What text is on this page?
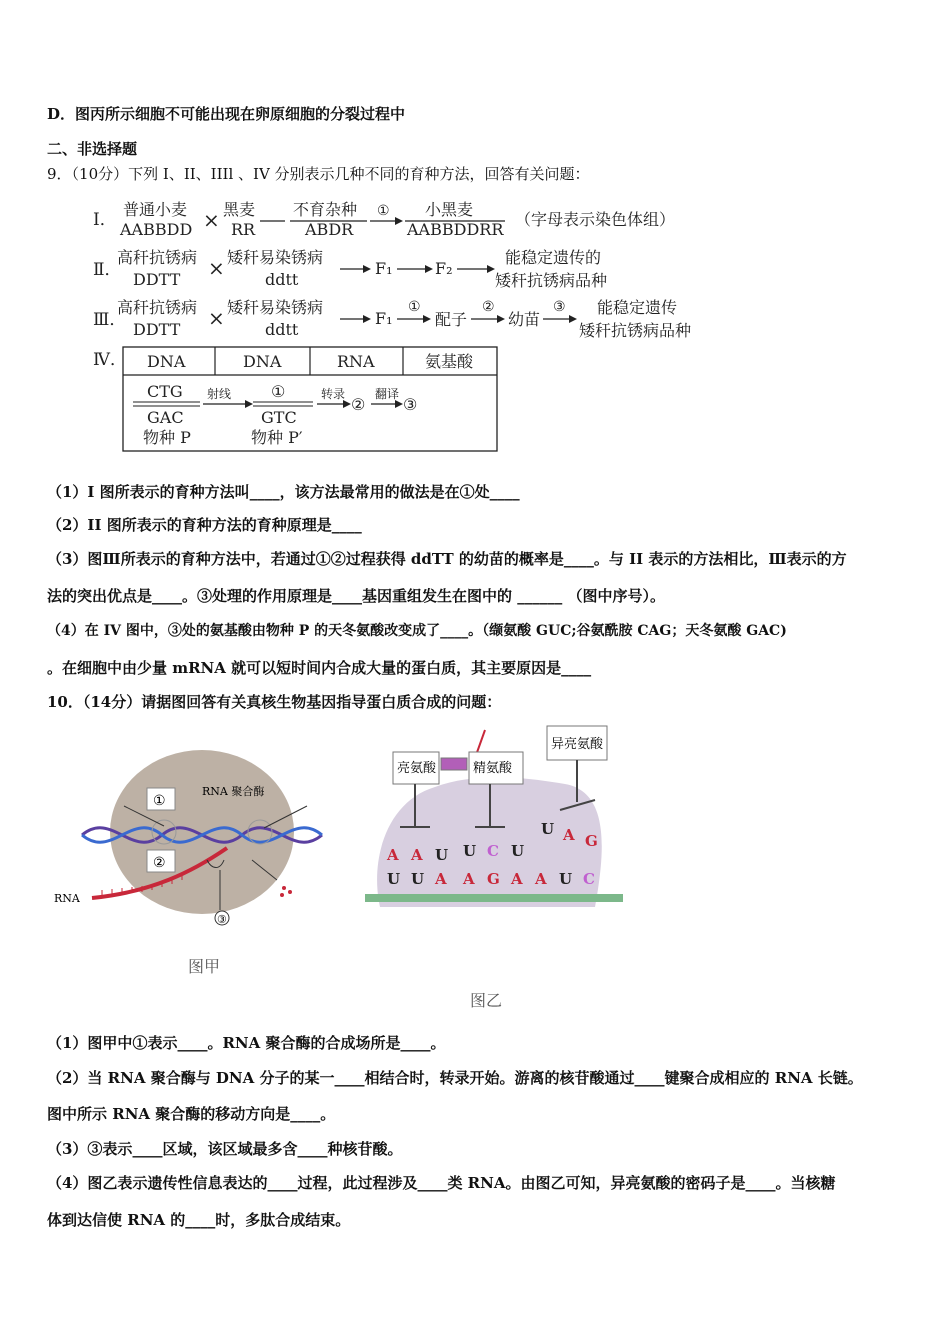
D．图丙所示细胞不可能出现在卵原细胞的分裂过程中
二、非选择题
9．（10分）下列 I、II、IIIl 、IV 分别表示几种不同的育种方法，回答有关问题：
I．
普通小麦
AABBDD × 黑麦
RR
不育杂种
ABDR
① 小黑麦
AABBDDRR
（字母表示染色体组）
Ⅱ．
高秆抗锈病
DDTT × 矮秆易染锈病
ddtt
F₁	F₂
能稳定遗传的
矮秆抗锈病品种
Ⅲ．
高秆抗锈病
DDTT × 矮秆易染锈病
ddtt
F₁
①
配子
②
幼苗
③ 能稳定遗传
矮秆抗锈病品种
Ⅳ． DNA	DNA	RNA	氨基酸
CTG
GAC
物种 P
射线 ①
GTC
物种 P′
转录
②
翻译
③
（1）I 图所表示的育种方法叫____，该方法最常用的做法是在①处____
（2）II 图所表示的育种方法的育种原理是____
（3）图Ⅲ所表示的育种方法中，若通过①②过程获得 ddTT 的幼苗的概率是____。与 II 表示的方法相比，Ⅲ表示的方
法的突出优点是____。③处理的作用原理是____基因重组发生在图中的 ______ （图中序号）。
（4）在 IV 图中，③处的氨基酸由物种 P 的天冬氨酸改变成了____。（缬氨酸 GUC;谷氨酰胺 CAG；天冬氨酸 GAC)
。在细胞中由少量 mRNA 就可以短时间内合成大量的蛋白质，其主要原因是____
10．（14分）请据图回答有关真核生物基因指导蛋白质合成的问题：
①
②
RNA 聚合酶
③
RNA
图甲
亮氨酸	精氨酸
异亮氨酸
A A U U C U
U A G
U U A A G A A U C
图乙
（1）图甲中①表示____。RNA 聚合酶的合成场所是____。
（2）当 RNA 聚合酶与 DNA 分子的某一____相结合时，转录开始。游离的核苷酸通过____键聚合成相应的 RNA 长链。
图中所示 RNA 聚合酶的移动方向是____。
（3）③表示____区域，该区域最多含____种核苷酸。
（4）图乙表示遗传性信息表达的____过程，此过程涉及____类 RNA。由图乙可知，异亮氨酸的密码子是____。当核糖
体到达信使 RNA 的____时，多肽合成结束。
